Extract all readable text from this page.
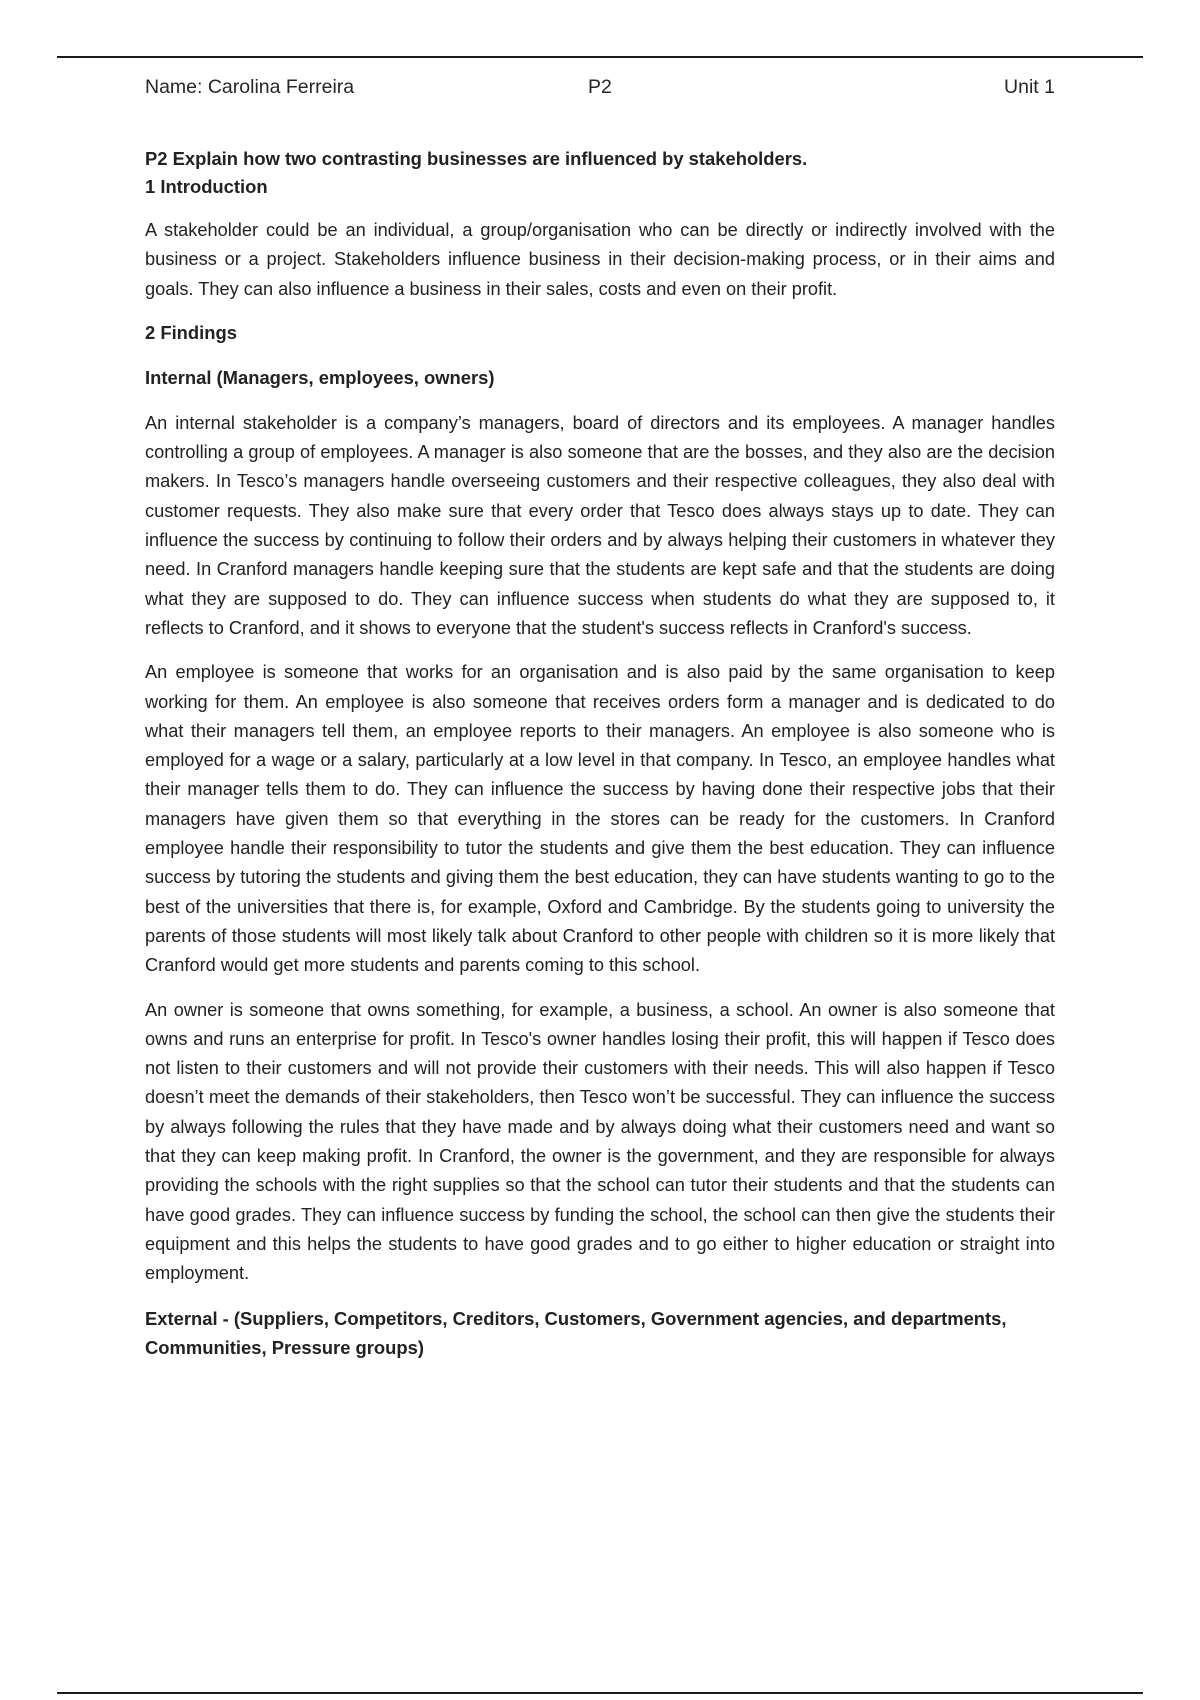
Name: Carolina Ferreira	P2	Unit 1

P2 Explain how two contrasting businesses are influenced by stakeholders.

1 Introduction

A stakeholder could be an individual, a group/organisation who can be directly or indirectly involved with the business or a project. Stakeholders influence business in their decision-making process, or in their aims and goals. They can also influence a business in their sales, costs and even on their profit.

2 Findings

Internal (Managers, employees, owners)

An internal stakeholder is a company’s managers, board of directors and its employees. A manager handles controlling a group of employees. A manager is also someone that are the bosses, and they also are the decision makers. In Tesco’s managers handle overseeing customers and their respective colleagues, they also deal with customer requests. They also make sure that every order that Tesco does always stays up to date. They can influence the success by continuing to follow their orders and by always helping their customers in whatever they need. In Cranford managers handle keeping sure that the students are kept safe and that the students are doing what they are supposed to do. They can influence success when students do what they are supposed to, it reflects to Cranford, and it shows to everyone that the student's success reflects in Cranford's success.

An employee is someone that works for an organisation and is also paid by the same organisation to keep working for them. An employee is also someone that receives orders form a manager and is dedicated to do what their managers tell them, an employee reports to their managers. An employee is also someone who is employed for a wage or a salary, particularly at a low level in that company. In Tesco, an employee handles what their manager tells them to do. They can influence the success by having done their respective jobs that their managers have given them so that everything in the stores can be ready for the customers. In Cranford employee handle their responsibility to tutor the students and give them the best education. They can influence success by tutoring the students and giving them the best education, they can have students wanting to go to the best of the universities that there is, for example, Oxford and Cambridge. By the students going to university the parents of those students will most likely talk about Cranford to other people with children so it is more likely that Cranford would get more students and parents coming to this school.

An owner is someone that owns something, for example, a business, a school. An owner is also someone that owns and runs an enterprise for profit. In Tesco's owner handles losing their profit, this will happen if Tesco does not listen to their customers and will not provide their customers with their needs. This will also happen if Tesco doesn’t meet the demands of their stakeholders, then Tesco won’t be successful. They can influence the success by always following the rules that they have made and by always doing what their customers need and want so that they can keep making profit. In Cranford, the owner is the government, and they are responsible for always providing the schools with the right supplies so that the school can tutor their students and that the students can have good grades. They can influence success by funding the school, the school can then give the students their equipment and this helps the students to have good grades and to go either to higher education or straight into employment.

External - (Suppliers, Competitors, Creditors, Customers, Government agencies, and departments, Communities, Pressure groups)
